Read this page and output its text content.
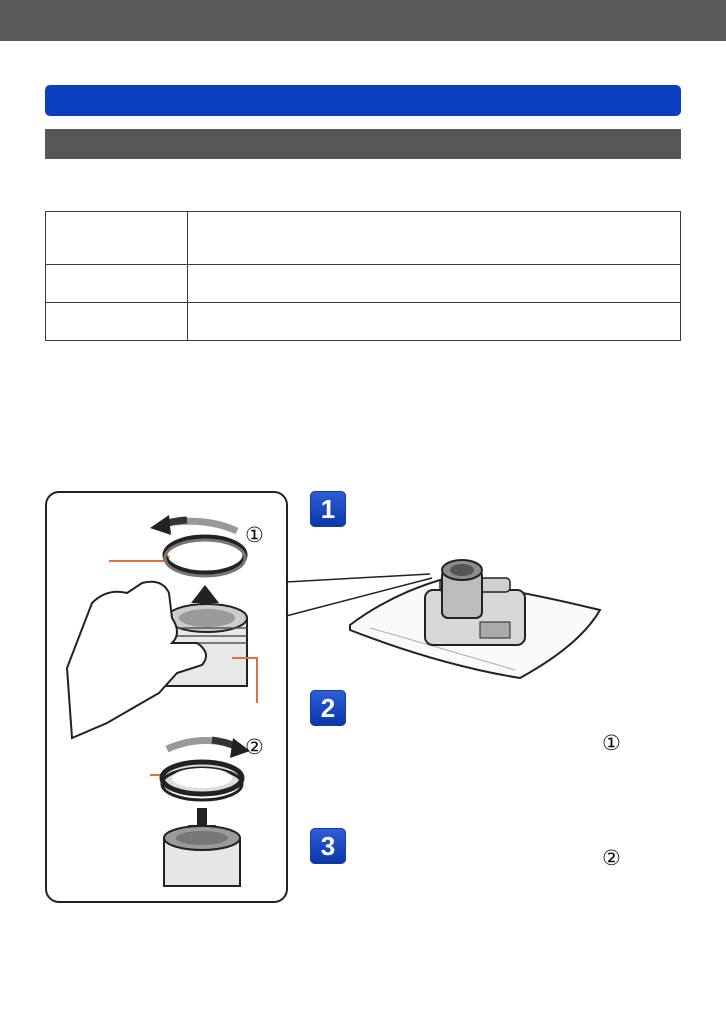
①
②
1
2
3
①
②
